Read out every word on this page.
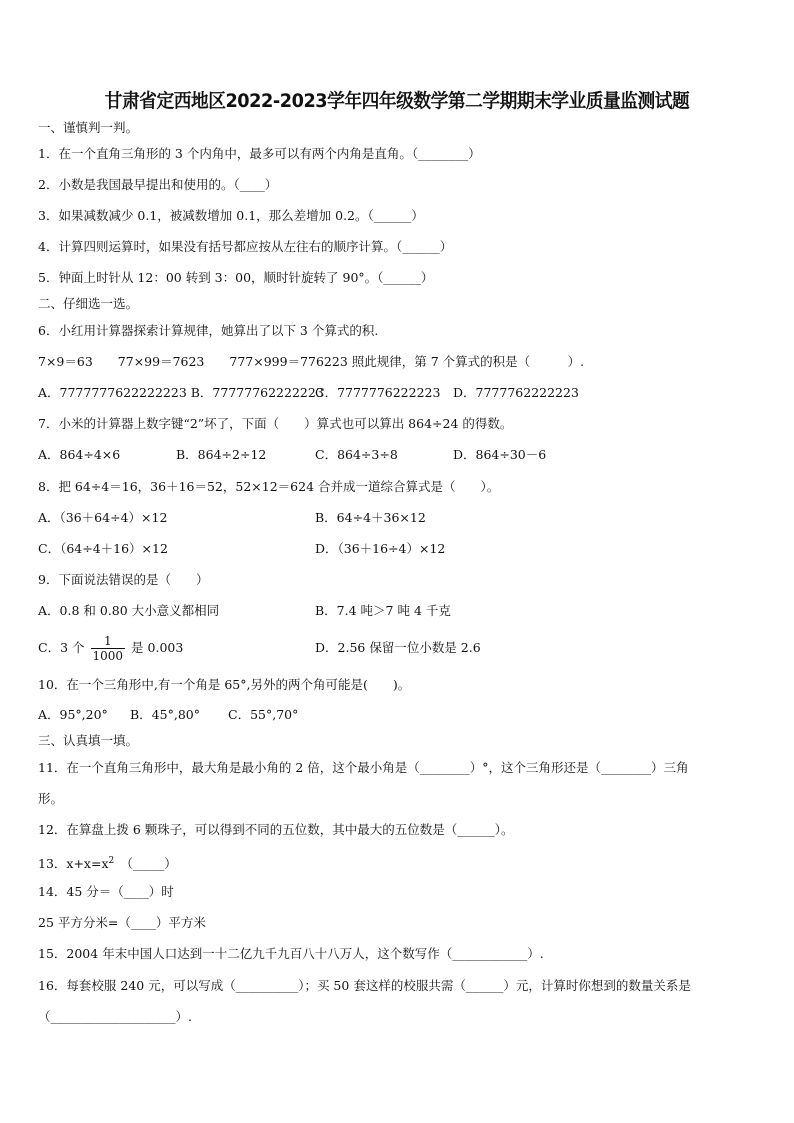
甘肃省定西地区2022-2023学年四年级数学第二学期期末学业质量监测试题
一、谨慎判一判。
1．在一个直角三角形的 3 个内角中，最多可以有两个内角是直角。（________）
2．小数是我国最早提出和使用的。（____）
3．如果减数减少 0.1，被减数增加 0.1，那么差增加 0.2。（______）
4．计算四则运算时，如果没有括号都应按从左往右的顺序计算。（______）
5．钟面上时针从 12：00 转到 3：00，顺时针旋转了 90°。（______）
二、仔细选一选。
6．小红用计算器探索计算规律，她算出了以下 3 个算式的积.
7×9＝63　　77×99＝7623　　777×999＝776223 照此规律，第 7 个算式的积是（　　　）.
A．7777777622222223 B．77777762222223
C．7777776222223 D．7777762222223
7．小米的计算器上数字键“2”坏了，下面（　　）算式也可以算出 864÷24 的得数。
A．864÷4×6	B．864÷2÷12	C．864÷3÷8	D．864÷30－6
8．把 64÷4＝16，36＋16＝52，52×12＝624 合并成一道综合算式是（　　）。
A．（36＋64÷4）×12	B．64÷4＋36×12
C．（64÷4＋16）×12	D．（36＋16÷4）×12
9．下面说法错误的是（　　）
A．0.8 和 0.80 大小意义都相同	B．7.4 吨＞7 吨 4 千克
C．3 个 $\frac{1}{1000}$ 是 0.003	D．2.56 保留一位小数是 2.6
10．在一个三角形中,有一个角是 65°,另外的两个角可能是(　　)。
A．95°,20° B．45°,80° C．55°,70°
三、认真填一填。
11．在一个直角三角形中，最大角是最小角的 2 倍，这个最小角是（________）°，这个三角形还是（________）三角
形。
12．在算盘上拨 6 颗珠子，可以得到不同的五位数，其中最大的五位数是（______）。
13．$x+x=x^2$　（_____）
14．45 分＝（____）时
25 平方分米=（____）平方米
15．2004 年末中国人口达到一十二亿九千九百八十八万人，这个数写作（____________）.
16．每套校服 240 元，可以写成（__________）；买 50 套这样的校服共需（______）元，计算时你想到的数量关系是
（____________________）.
